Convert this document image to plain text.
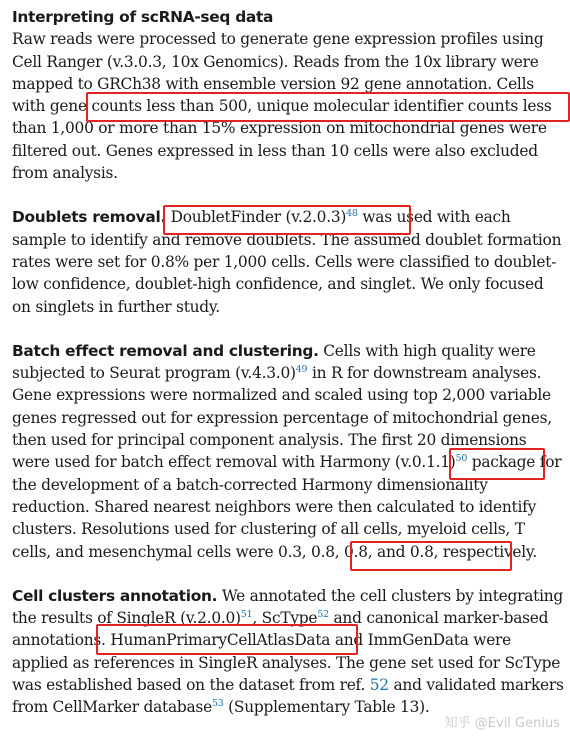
Interpreting of scRNA-seq data
Raw reads were processed to generate gene expression profiles using Cell Ranger (v.3.0.3, 10x Genomics). Reads from the 10x library were mapped to GRCh38 with ensemble version 92 gene annotation. Cells with gene counts less than 500, unique molecular identifier counts less than 1,000 or more than 15% expression on mitochondrial genes were filtered out. Genes expressed in less than 10 cells were also excluded from analysis.

Doublets removal. DoubletFinder $(v.2.0.3)^{48}$ was used with each sample to identify and remove doublets. The assumed doublet formation rates were set for 0.8% per 1,000 cells. Cells were classified to doublet-low confidence, doublet-high confidence, and singlet. We only focused on singlets in further study.

Batch effect removal and clustering. Cells with high quality were subjected to Seurat program $(v.4.3.0)^{49}$ in R for downstream analyses. Gene expressions were normalized and scaled using top 2,000 variable genes regressed out for expression percentage of mitochondrial genes, then used for principal component analysis. The first 20 dimensions were used for batch effect removal with Harmony $(v.0.1.1)^{50}$ package for the development of a batch-corrected Harmony dimensionality reduction. Shared nearest neighbors were then calculated to identify clusters. Resolutions used for clustering of all cells, myeloid cells, T cells, and mesenchymal cells were 0.3, 0.8, 0.8, and 0.8, respectively.

Cell clusters annotation. We annotated the cell clusters by integrating the results of SingleR $(v.2.0.0)^{51}$, ScType$^{52}$ and canonical marker-based annotations. HumanPrimaryCellAtlasData and ImmGenData were applied as references in SingleR analyses. The gene set used for ScType was established based on the dataset from ref. 52 and validated markers from CellMarker database$^{53}$ (Supplementary Table 13).

知乎 @Evil Genius
